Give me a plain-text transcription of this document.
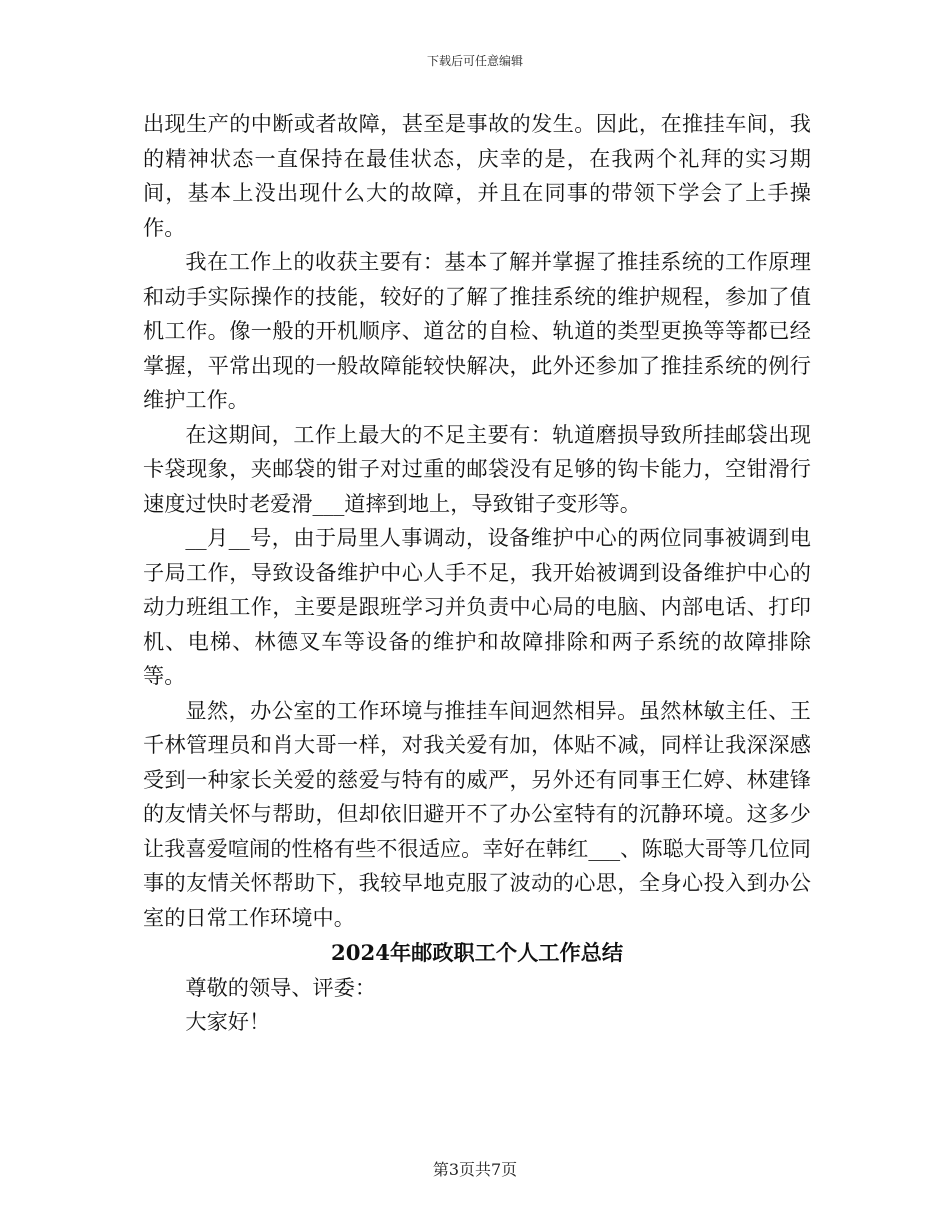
下载后可任意编辑

出现生产的中断或者故障，甚至是事故的发生。因此，在推挂车间，我的精神状态一直保持在最佳状态，庆幸的是，在我两个礼拜的实习期间，基本上没出现什么大的故障，并且在同事的带领下学会了上手操作。

我在工作上的收获主要有：基本了解并掌握了推挂系统的工作原理和动手实际操作的技能，较好的了解了推挂系统的维护规程，参加了值机工作。像一般的开机顺序、道岔的自检、轨道的类型更换等等都已经掌握，平常出现的一般故障能较快解决，此外还参加了推挂系统的例行维护工作。

在这期间，工作上最大的不足主要有：轨道磨损导致所挂邮袋出现卡袋现象，夹邮袋的钳子对过重的邮袋没有足够的钩卡能力，空钳滑行速度过快时老爱滑___道摔到地上，导致钳子变形等。

__月__号，由于局里人事调动，设备维护中心的两位同事被调到电子局工作，导致设备维护中心人手不足，我开始被调到设备维护中心的动力班组工作，主要是跟班学习并负责中心局的电脑、内部电话、打印机、电梯、林德叉车等设备的维护和故障排除和两子系统的故障排除等。

显然，办公室的工作环境与推挂车间迥然相异。虽然林敏主任、王千林管理员和肖大哥一样，对我关爱有加，体贴不减，同样让我深深感受到一种家长关爱的慈爱与特有的威严，另外还有同事王仁婷、林建锋的友情关怀与帮助，但却依旧避开不了办公室特有的沉静环境。这多少让我喜爱喧闹的性格有些不很适应。幸好在韩红___、陈聪大哥等几位同事的友情关怀帮助下，我较早地克服了波动的心思，全身心投入到办公室的日常工作环境中。

2024年邮政职工个人工作总结

尊敬的领导、评委：

大家好！

第3页共7页
